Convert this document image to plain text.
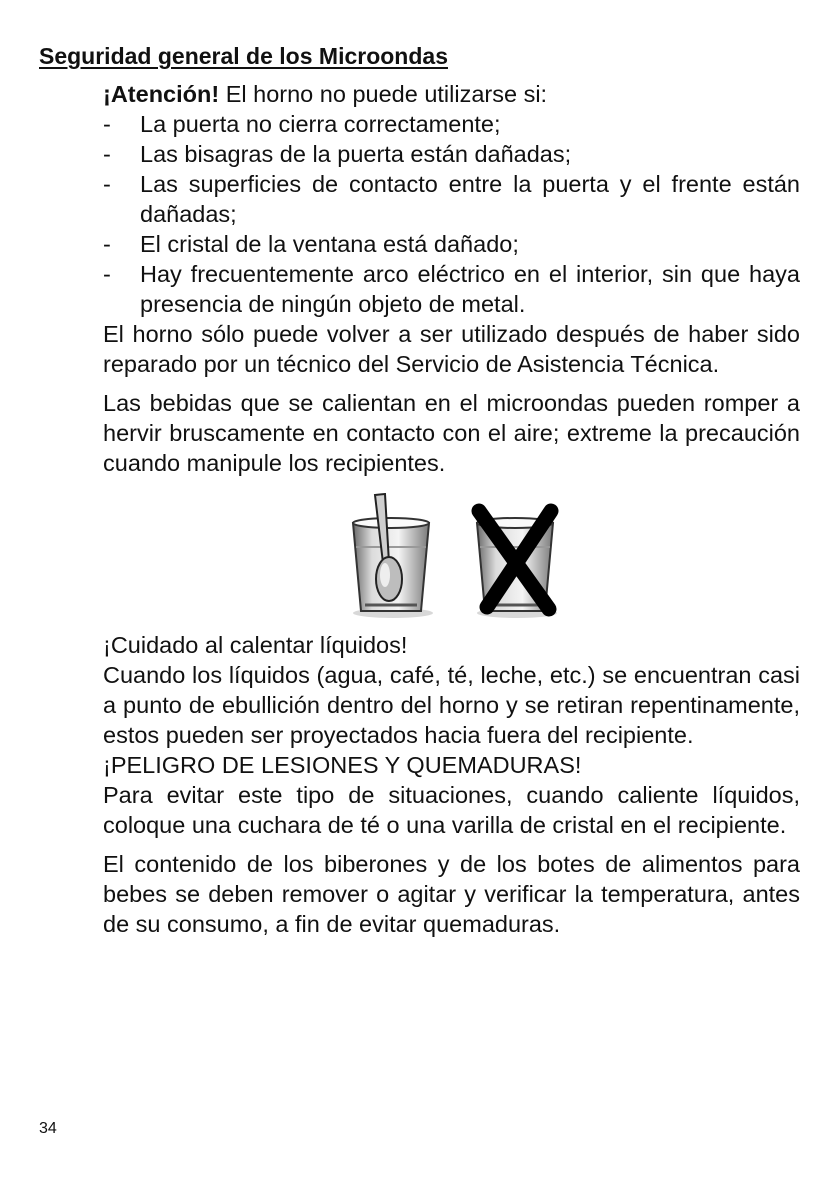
Seguridad general de los Microondas

¡Atención! El horno no puede utilizarse si:

- La puerta no cierra correctamente;
- Las bisagras de la puerta están dañadas;
- Las superficies de contacto entre la puerta y el frente están dañadas;
- El cristal de la ventana está dañado;
- Hay frecuentemente arco eléctrico en el interior, sin que haya presencia de ningún objeto de metal.

El horno sólo puede volver a ser utilizado después de haber sido reparado por un técnico del Servicio de Asistencia Técnica.

Las bebidas que se calientan en el microondas pueden romper a hervir bruscamente en contacto con el aire; extreme la precaución cuando manipule los recipientes.

¡Cuidado al calentar líquidos!

Cuando los líquidos (agua, café, té, leche, etc.) se encuentran casi a punto de ebullición dentro del horno y se retiran repentinamente, estos pueden ser proyectados hacia fuera del recipiente.

¡PELIGRO DE LESIONES Y QUEMADURAS!

Para evitar este tipo de situaciones, cuando caliente líquidos, coloque una cuchara de té o una varilla de cristal en el recipiente.

El contenido de los biberones y de los botes de alimentos para bebes se deben remover o agitar y verificar la temperatura, antes de su consumo, a fin de evitar quemaduras.

34
